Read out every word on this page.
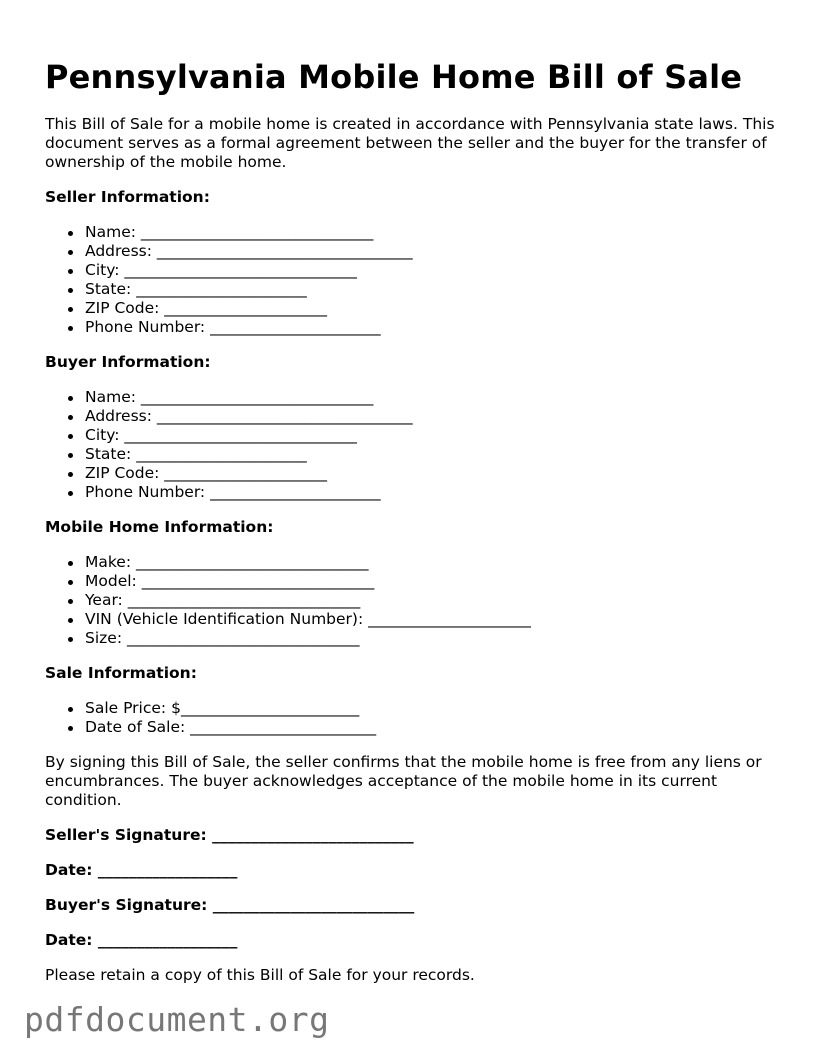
Pennsylvania Mobile Home Bill of Sale

This Bill of Sale for a mobile home is created in accordance with Pennsylvania state laws. This document serves as a formal agreement between the seller and the buyer for the transfer of ownership of the mobile home.

Seller Information:
Name: ______________________________
Address: _________________________________
City: ______________________________
State: ______________________
ZIP Code: _____________________
Phone Number: ______________________
Buyer Information:
Name: ______________________________
Address: _________________________________
City: ______________________________
State: ______________________
ZIP Code: _____________________
Phone Number: ______________________
Mobile Home Information:
Make: ______________________________
Model: ______________________________
Year: ______________________________
VIN (Vehicle Identification Number): _____________________
Size: ______________________________
Sale Information:
Sale Price: $_______________________
Date of Sale: ________________________

By signing this Bill of Sale, the seller confirms that the mobile home is free from any liens or encumbrances. The buyer acknowledges acceptance of the mobile home in its current condition.

Seller's Signature: __________________________
Date: __________________
Buyer's Signature: __________________________
Date: __________________

Please retain a copy of this Bill of Sale for your records.

pdfdocument.org
